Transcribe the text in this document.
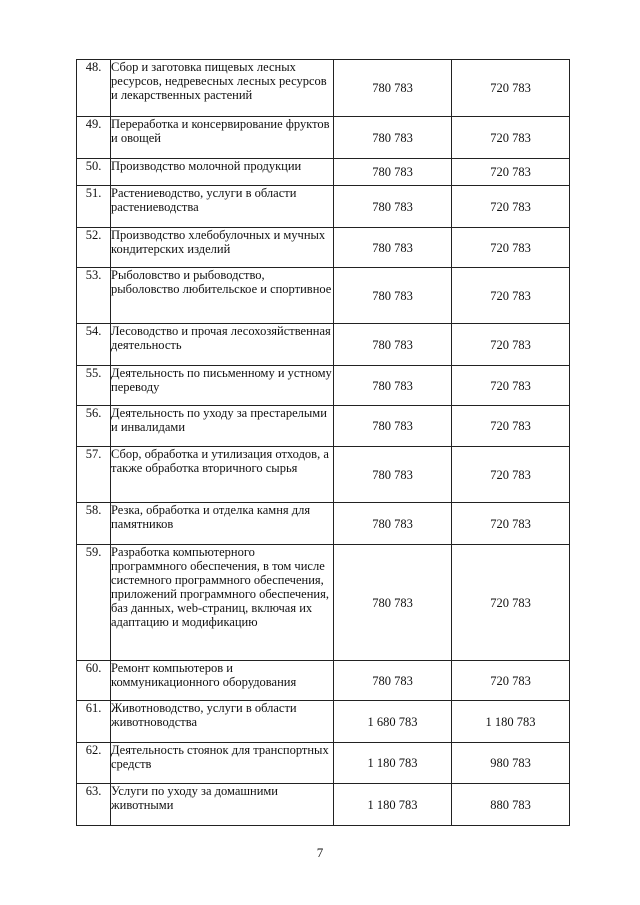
48.	Сбор и заготовка пищевых лесных ресурсов, недревесных лесных ресурсов и лекарственных растений	780 783	720 783
49.	Переработка и консервирование фруктов и овощей	780 783	720 783
50.	Производство молочной продукции	780 783	720 783
51.	Растениеводство, услуги в области растениеводства	780 783	720 783
52.	Производство хлебобулочных и мучных кондитерских изделий	780 783	720 783
53.	Рыболовство и рыбоводство, рыболовство любительское и спортивное	780 783	720 783
54.	Лесоводство и прочая лесохозяйственная деятельность	780 783	720 783
55.	Деятельность по письменному и устному переводу	780 783	720 783
56.	Деятельность по уходу за престарелыми и инвалидами	780 783	720 783
57.	Сбор, обработка и утилизация отходов, а также обработка вторичного сырья	780 783	720 783
58.	Резка, обработка и отделка камня для памятников	780 783	720 783
59.	Разработка компьютерного программного обеспечения, в том числе системного программного обеспечения, приложений программного обеспечения, баз данных, web-страниц, включая их адаптацию и модификацию	780 783	720 783
60.	Ремонт компьютеров и коммуникационного оборудования	780 783	720 783
61.	Животноводство, услуги в области животноводства	1 680 783	1 180 783
62.	Деятельность стоянок для транспортных средств	1 180 783	980 783
63.	Услуги по уходу за домашними животными	1 180 783	880 783
7
